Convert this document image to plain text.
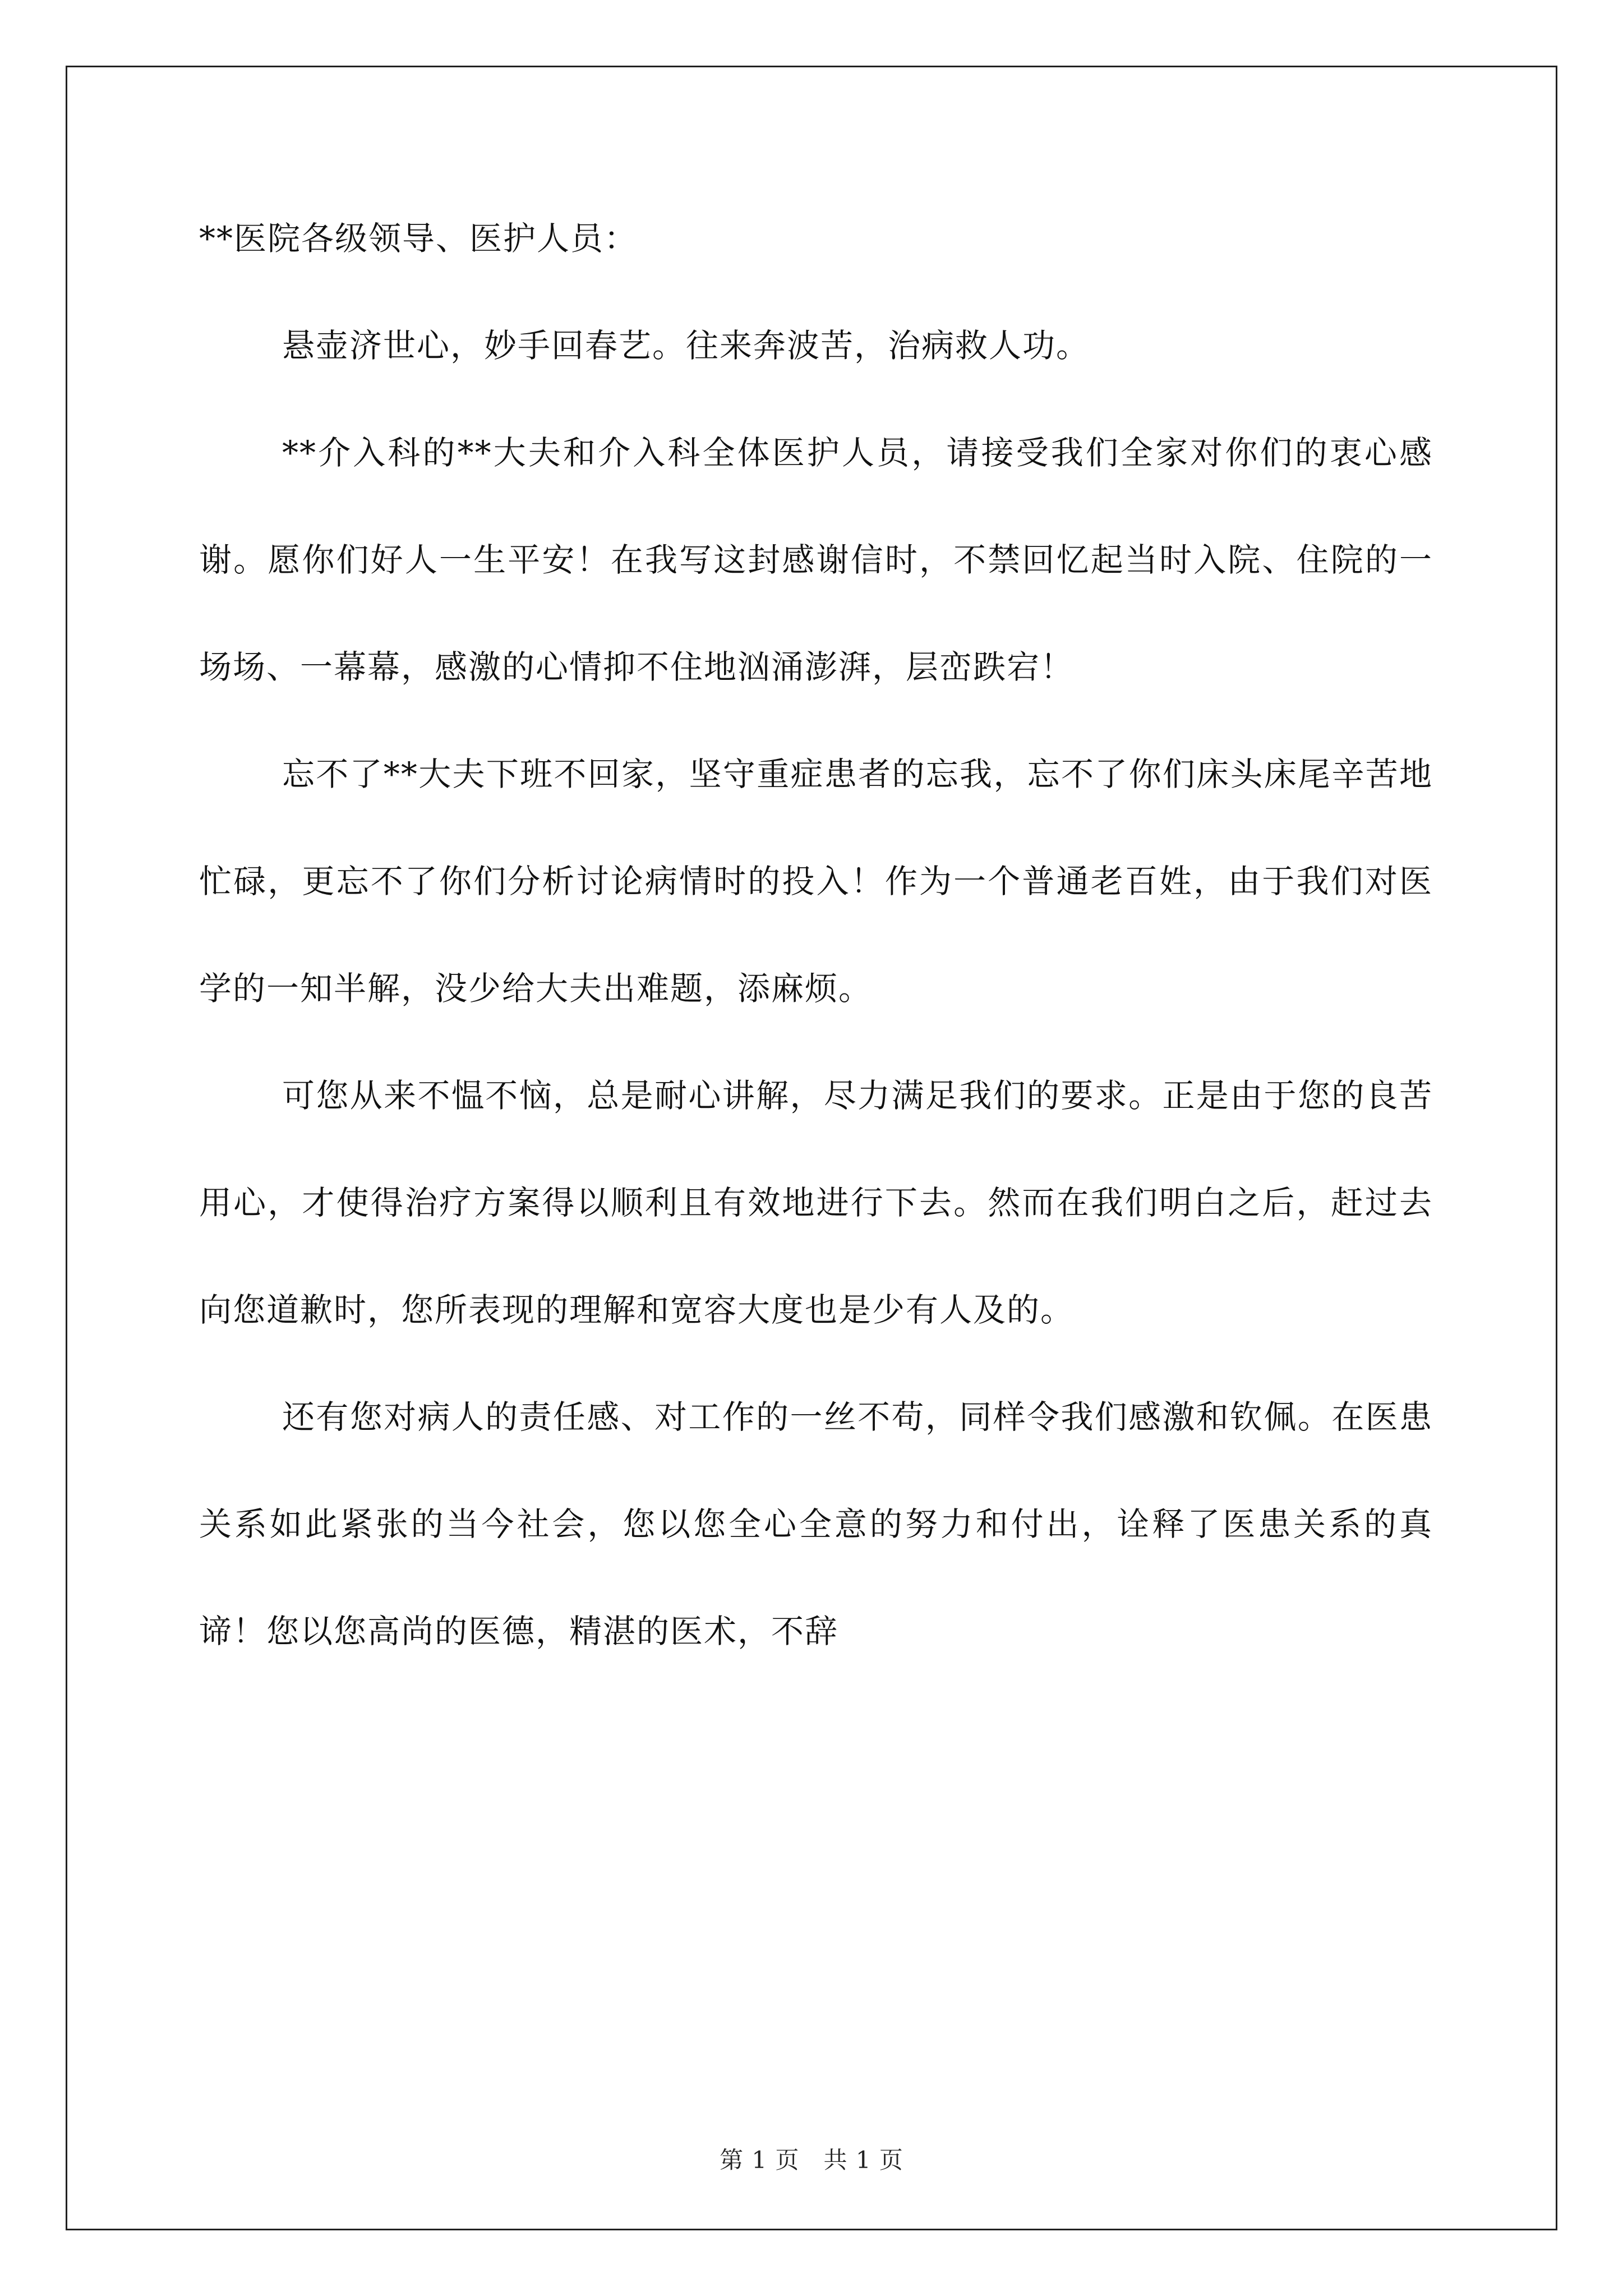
**医院各级领导、医护人员：

悬壶济世心，妙手回春艺。往来奔波苦，治病救人功。

**介入科的**大夫和介入科全体医护人员，请接受我们全家对你们的衷心感谢。愿你们好人一生平安！在我写这封感谢信时，不禁回忆起当时入院、住院的一场场、一幕幕，感激的心情抑不住地汹涌澎湃，层峦跌宕！

忘不了**大夫下班不回家，坚守重症患者的忘我，忘不了你们床头床尾辛苦地忙碌，更忘不了你们分析讨论病情时的投入！作为一个普通老百姓，由于我们对医学的一知半解，没少给大夫出难题，添麻烦。

可您从来不愠不恼，总是耐心讲解，尽力满足我们的要求。正是由于您的良苦用心，才使得治疗方案得以顺利且有效地进行下去。然而在我们明白之后，赶过去向您道歉时，您所表现的理解和宽容大度也是少有人及的。

还有您对病人的责任感、对工作的一丝不苟，同样令我们感激和钦佩。在医患关系如此紧张的当今社会，您以您全心全意的努力和付出，诠释了医患关系的真谛！您以您高尚的医德，精湛的医术，不辞

第 1 页　共 1 页
